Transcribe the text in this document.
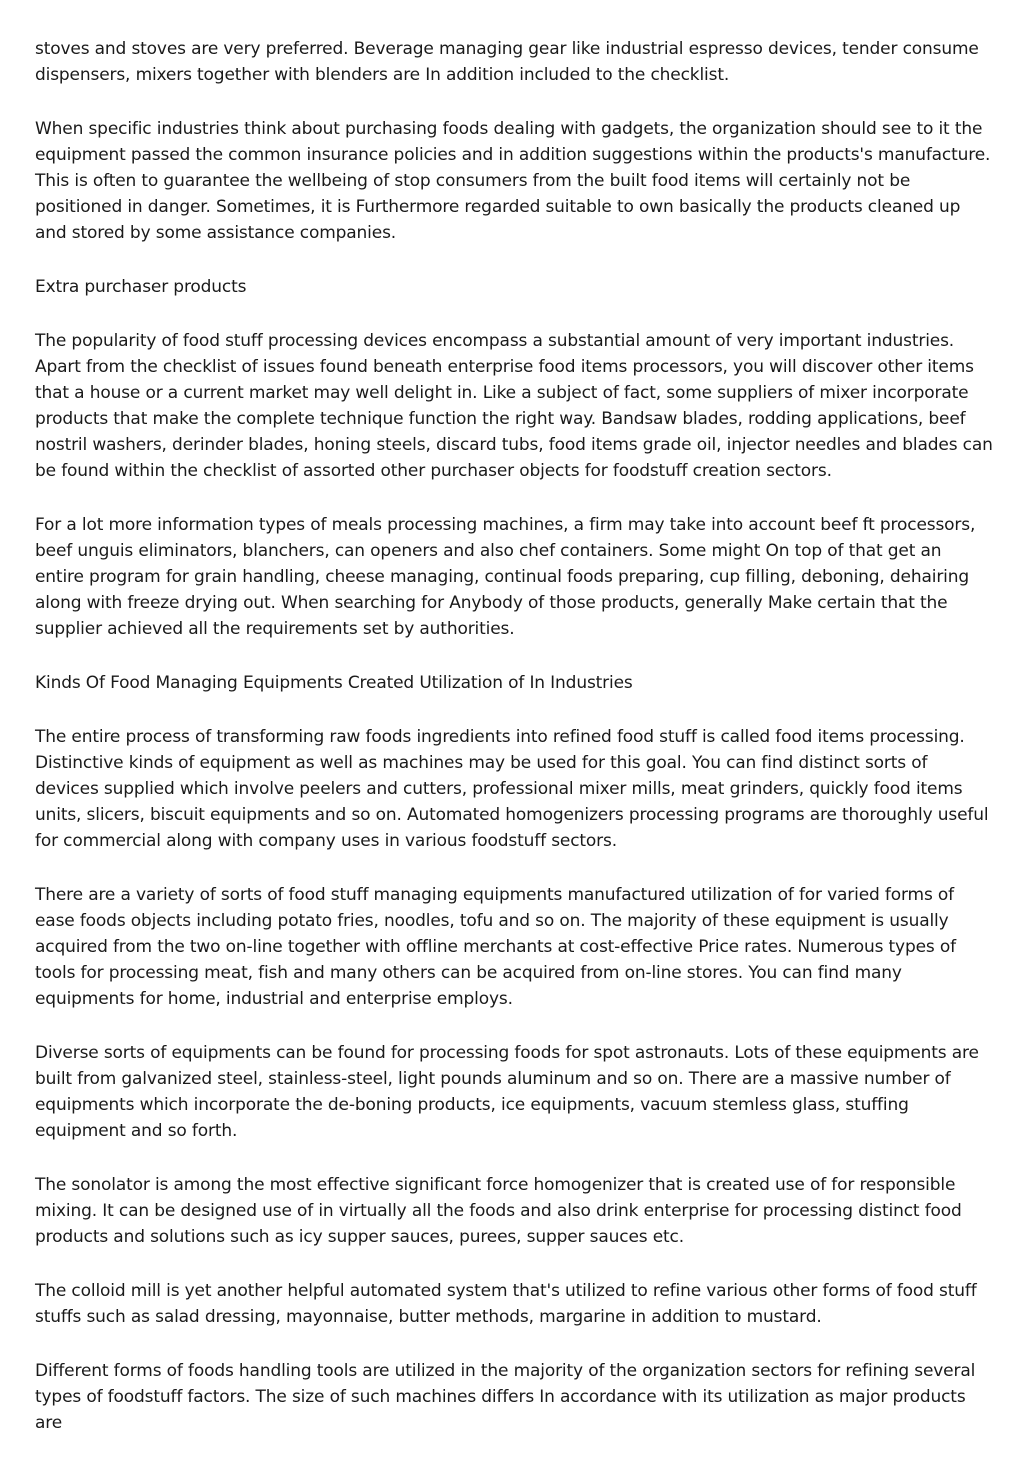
stoves and stoves are very preferred. Beverage managing gear like industrial espresso devices, tender consume dispensers, mixers together with blenders are In addition included to the checklist.

When specific industries think about purchasing foods dealing with gadgets, the organization should see to it the equipment passed the common insurance policies and in addition suggestions within the products's manufacture. This is often to guarantee the wellbeing of stop consumers from the built food items will certainly not be positioned in danger. Sometimes, it is Furthermore regarded suitable to own basically the products cleaned up and stored by some assistance companies.

Extra purchaser products

The popularity of food stuff processing devices encompass a substantial amount of very important industries. Apart from the checklist of issues found beneath enterprise food items processors, you will discover other items that a house or a current market may well delight in. Like a subject of fact, some suppliers of mixer incorporate products that make the complete technique function the right way. Bandsaw blades, rodding applications, beef nostril washers, derinder blades, honing steels, discard tubs, food items grade oil, injector needles and blades can be found within the checklist of assorted other purchaser objects for foodstuff creation sectors.

For a lot more information types of meals processing machines, a firm may take into account beef ft processors, beef unguis eliminators, blanchers, can openers and also chef containers. Some might On top of that get an entire program for grain handling, cheese managing, continual foods preparing, cup filling, deboning, dehairing along with freeze drying out. When searching for Anybody of those products, generally Make certain that the supplier achieved all the requirements set by authorities.

Kinds Of Food Managing Equipments Created Utilization of In Industries

The entire process of transforming raw foods ingredients into refined food stuff is called food items processing. Distinctive kinds of equipment as well as machines may be used for this goal. You can find distinct sorts of devices supplied which involve peelers and cutters, professional mixer mills, meat grinders, quickly food items units, slicers, biscuit equipments and so on. Automated homogenizers processing programs are thoroughly useful for commercial along with company uses in various foodstuff sectors.

There are a variety of sorts of food stuff managing equipments manufactured utilization of for varied forms of ease foods objects including potato fries, noodles, tofu and so on. The majority of these equipment is usually acquired from the two on-line together with offline merchants at cost-effective Price rates. Numerous types of tools for processing meat, fish and many others can be acquired from on-line stores. You can find many equipments for home, industrial and enterprise employs.

Diverse sorts of equipments can be found for processing foods for spot astronauts. Lots of these equipments are built from galvanized steel, stainless-steel, light pounds aluminum and so on. There are a massive number of equipments which incorporate the de-boning products, ice equipments, vacuum stemless glass, stuffing equipment and so forth.

The sonolator is among the most effective significant force homogenizer that is created use of for responsible mixing. It can be designed use of in virtually all the foods and also drink enterprise for processing distinct food products and solutions such as icy supper sauces, purees, supper sauces etc.

The colloid mill is yet another helpful automated system that's utilized to refine various other forms of food stuff stuffs such as salad dressing, mayonnaise, butter methods, margarine in addition to mustard.

Different forms of foods handling tools are utilized in the majority of the organization sectors for refining several types of foodstuff factors. The size of such machines differs In accordance with its utilization as major products are
